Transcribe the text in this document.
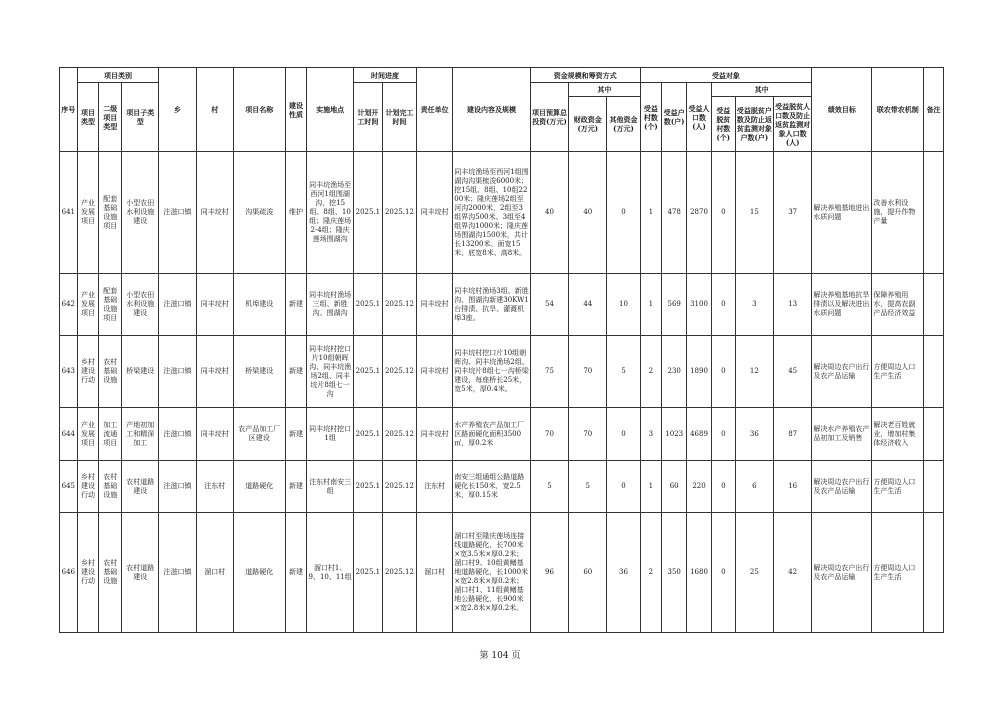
序号	项目类别			乡	村	项目名称	建设性质	实施地点	时间进度		责任单位	建设内容及规模	资金规模和筹资方式			受益对象						绩效目标	联农带农机制	备注
	项目类型	二级项目类型	项目子类型						计划开工时间	计划完工时间			项目预算总投资(万元)	其中		受益村数(个)	受益户数(户)	受益人口数(人)	其中					
														财政资金(万元)	其他资金(万元)				受益脱贫村数(个)	受益脱贫户数及防止返贫监测对象户数(户)	受益脱贫人口数及防止返贫监测对象人口数(人)			
641	产业发展项目	配套基础设施项目	小型农田水利设施建设	注滋口镇	同丰垸村	沟渠疏浚	维护	同丰垸渔场至西河1组围湖沟，挖15组、8组、10组；隆庆莲场2-4组；隆庆莲场围湖沟	2025.1	2025.12	同丰垸村	同丰垸渔场至西河1组围湖沟沟渠梳浚6000米；挖15组、8组、10组2200米；隆庆莲场2组至河沟2000米，2组至3组界沟500米、3组至4组界沟1000米；隆庆莲场围湖沟1500米，共计长13200米、面宽15米、底宽8米、高8米。	40	40	0	1	478	2870	0	15	37	解决养殖基地进出水质问题	改善水利设施，提升作物产量	
642	产业发展项目	配套基础设施项目	小型农田水利设施建设	注滋口镇	同丰垸村	机埠建设	新建	同丰垸村渔场三组、新胜沟、围湖沟	2025.1	2025.12	同丰垸村	同丰垸村渔场3组、新胜沟、围湖沟新建30KW1台排渍、抗旱、灌溉机埠3座。	54	44	10	1	569	3100	0	3	13	解决养殖基地抗旱排渍以及解决进出水质问题	保障养殖用水，提高农副产品经济效益	
643	乡村建设行动	农村基础设施	桥梁建设	注滋口镇	同丰垸村	桥梁建设	新建	同丰垸村挖口片10组朝晖沟、同丰垸渔场2组、同丰垸片8组七一沟	2025.1	2025.12	同丰垸村	同丰垸村挖口片10组朝晖沟、同丰垸渔场2组、同丰垸片8组七一沟桥梁建设，每座桥长25米，宽5米，厚0.4米。	75	70	5	2	230	1890	0	12	45	解决周边农户出行及农产品运输	方便周边人口生产生活	
644	产业发展项目	加工流通项目	产地初加工和精深加工	注滋口镇	同丰垸村	农产品加工厂区建设	新建	同丰垸村挖口1组	2025.1	2025.12	同丰垸村	水产养殖农产品加工厂区路面硬化面积3500㎡，厚0.2米	70	70	0	3	1023	4689	0	36	87	解决水产养殖农产品初加工及销售	解决老百姓就业，增加村集体经济收入	
645	乡村建设行动	农村基础设施	农村道路建设	注滋口镇	注东村	道路硬化	新建	注东村南安三组	2025.1	2025.12	注东村	南安三组通组公路道路硬化长150米，宽2.5米，厚0.15米	5	5	0	1	60	220	0	6	16	解决周边农户出行及农产品运输	方便周边人口生产生活	
646	乡村建设行动	农村基础设施	农村道路建设	注滋口镇	溜口村	道路硬化	新建	溜口村1、9、10、11组	2025.1	2025.12	溜口村	溜口村至隆庆莲场连接线道路硬化，长700米×宽3.5米×厚0.2米； 溜口村9、10组黄鳝基地道路硬化，长1000米×宽2.8米×厚0.2米； 溜口村1、11组黄鳝基地公路硬化，长900米×宽2.8米×厚0.2米。	96	60	36	2	350	1680	0	25	42	解决周边农户出行及农产品运输	方便周边人口生产生活	
第 104 页
